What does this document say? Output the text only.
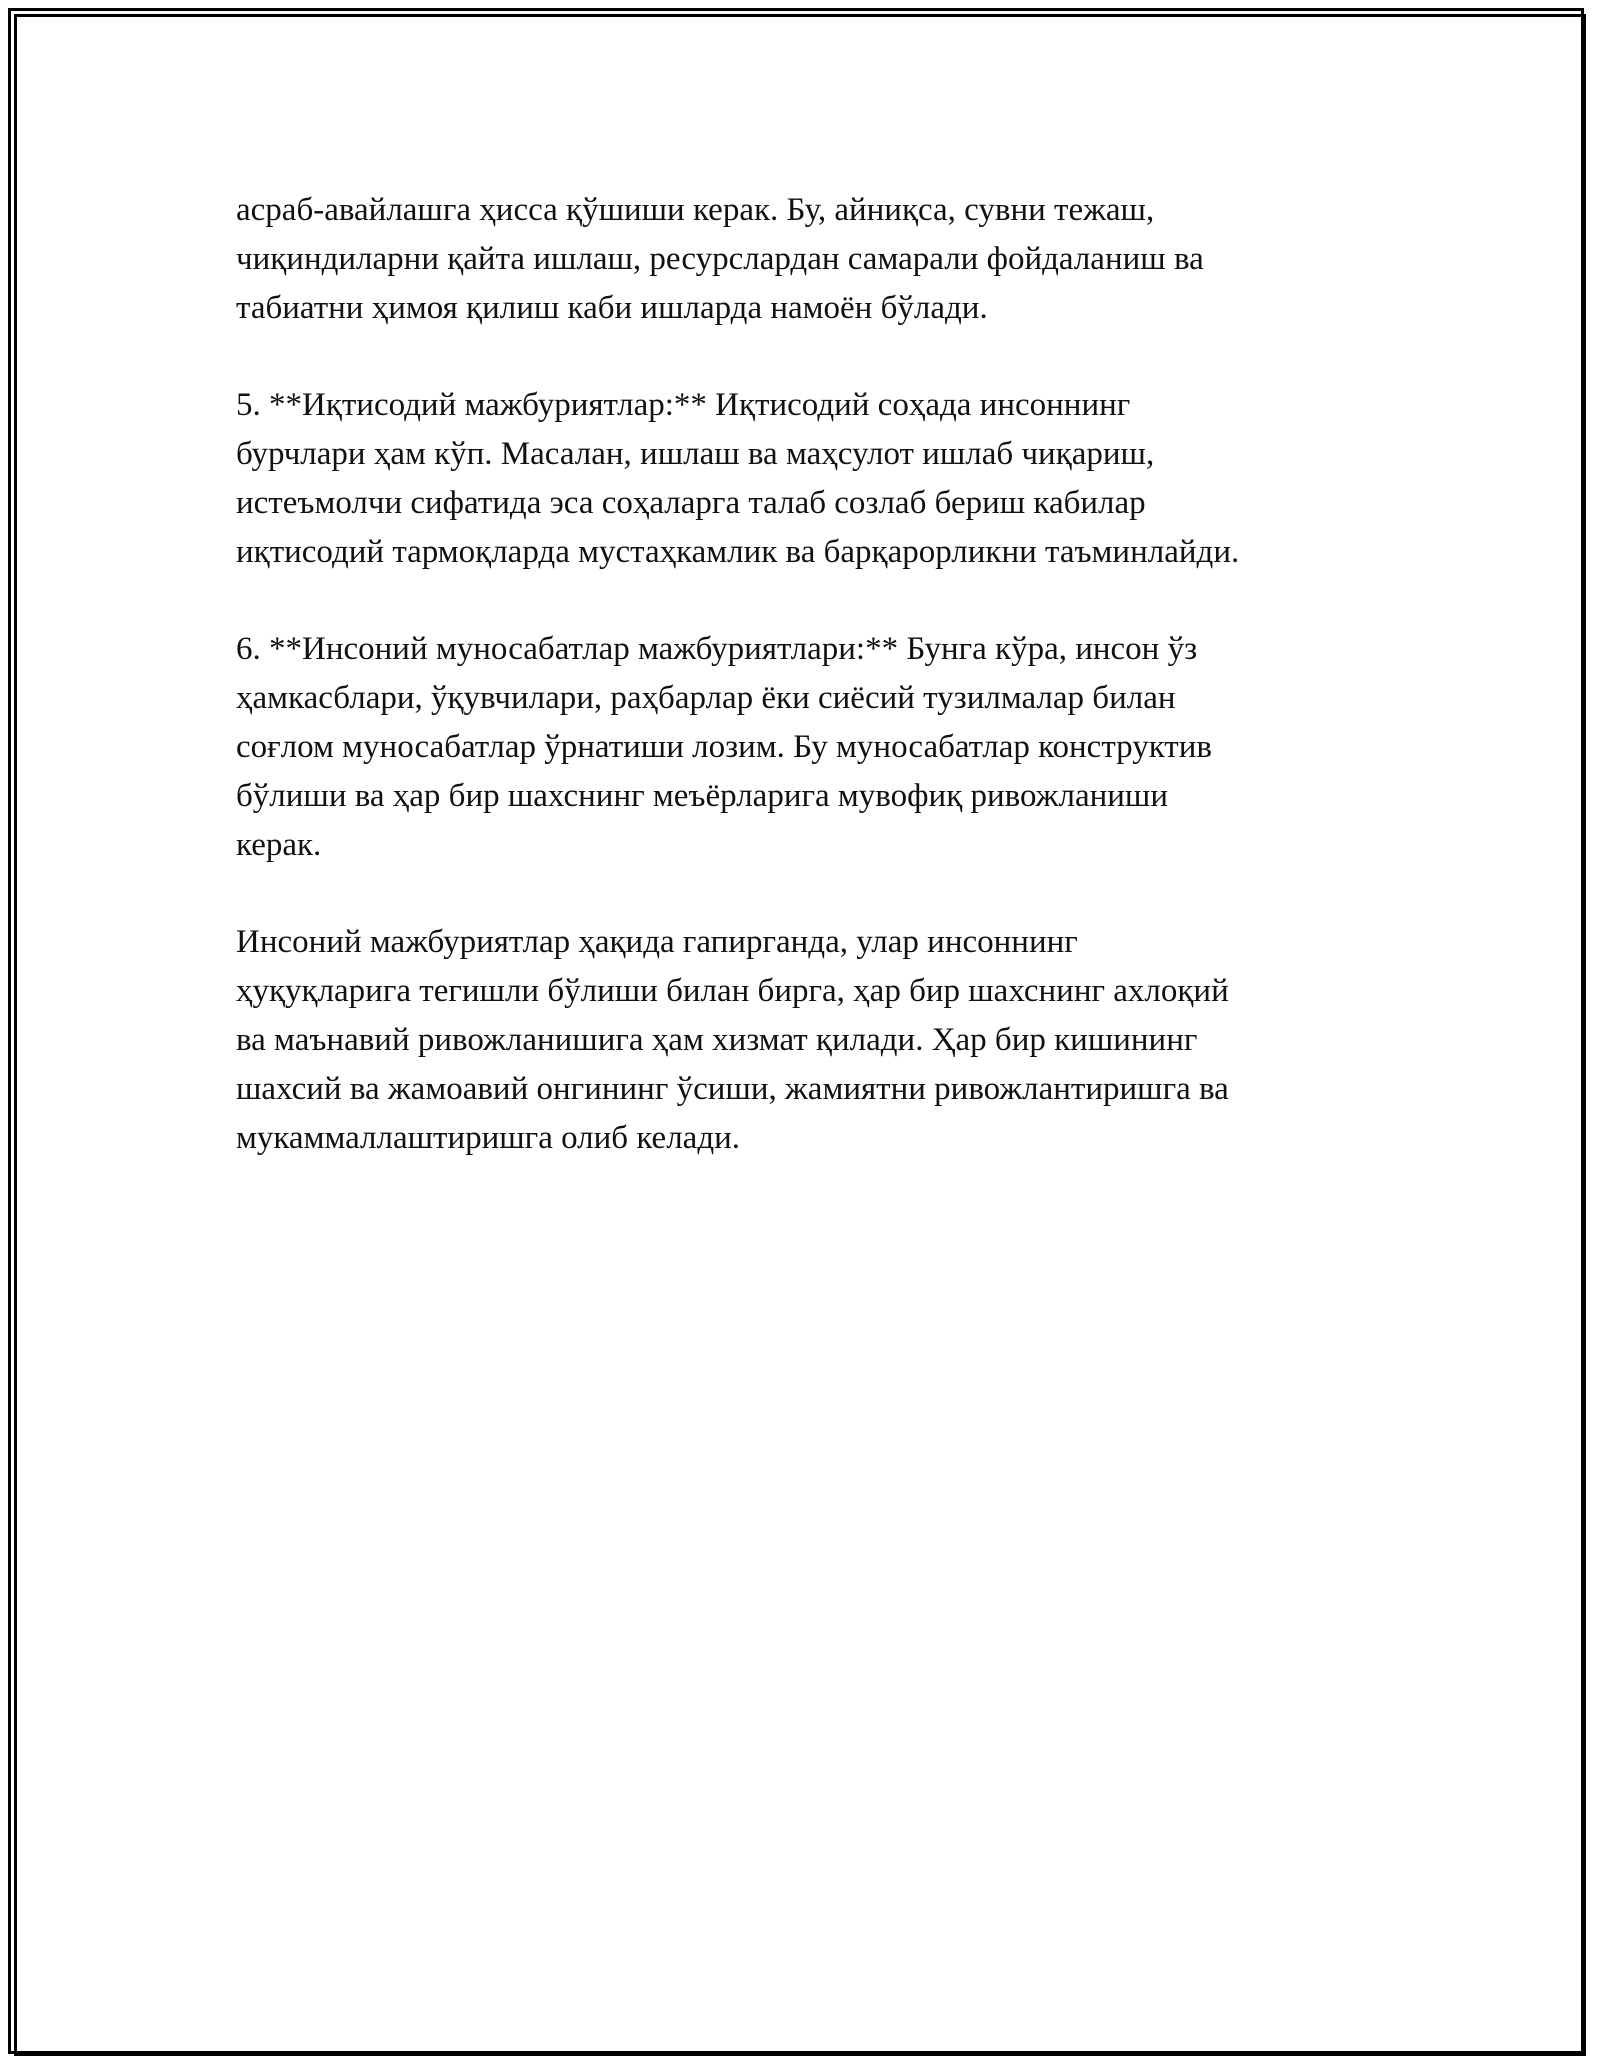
асраб-авайлашга ҳисса қўшиши керак. Бу, айниқса, сувни тежаш,
чиқиндиларни қайта ишлаш, ресурслардан самарали фойдаланиш ва
табиатни ҳимоя қилиш каби ишларда намоён бўлади.

5. **Иқтисодий мажбуриятлар:** Иқтисодий соҳада инсоннинг
бурчлари ҳам кўп. Масалан, ишлаш ва маҳсулот ишлаб чиқариш,
истеъмолчи сифатида эса соҳаларга талаб созлаб бериш кабилар
иқтисодий тармоқларда мустаҳкамлик ва барқарорликни таъминлайди.

6. **Инсоний муносабатлар мажбуриятлари:** Бунга кўра, инсон ўз
ҳамкасблари, ўқувчилари, раҳбарлар ёки сиёсий тузилмалар билан
соғлом муносабатлар ўрнатиши лозим. Бу муносабатлар конструктив
бўлиши ва ҳар бир шахснинг меъёрларига мувофиқ ривожланиши
керак.

Инсоний мажбуриятлар ҳақида гапирганда, улар инсоннинг
ҳуқуқларига тегишли бўлиши билан бирга, ҳар бир шахснинг ахлоқий
ва маънавий ривожланишига ҳам хизмат қилади. Ҳар бир кишининг
шахсий ва жамоавий онгининг ўсиши, жамиятни ривожлантиришга ва
мукаммаллаштиришга олиб келади.
